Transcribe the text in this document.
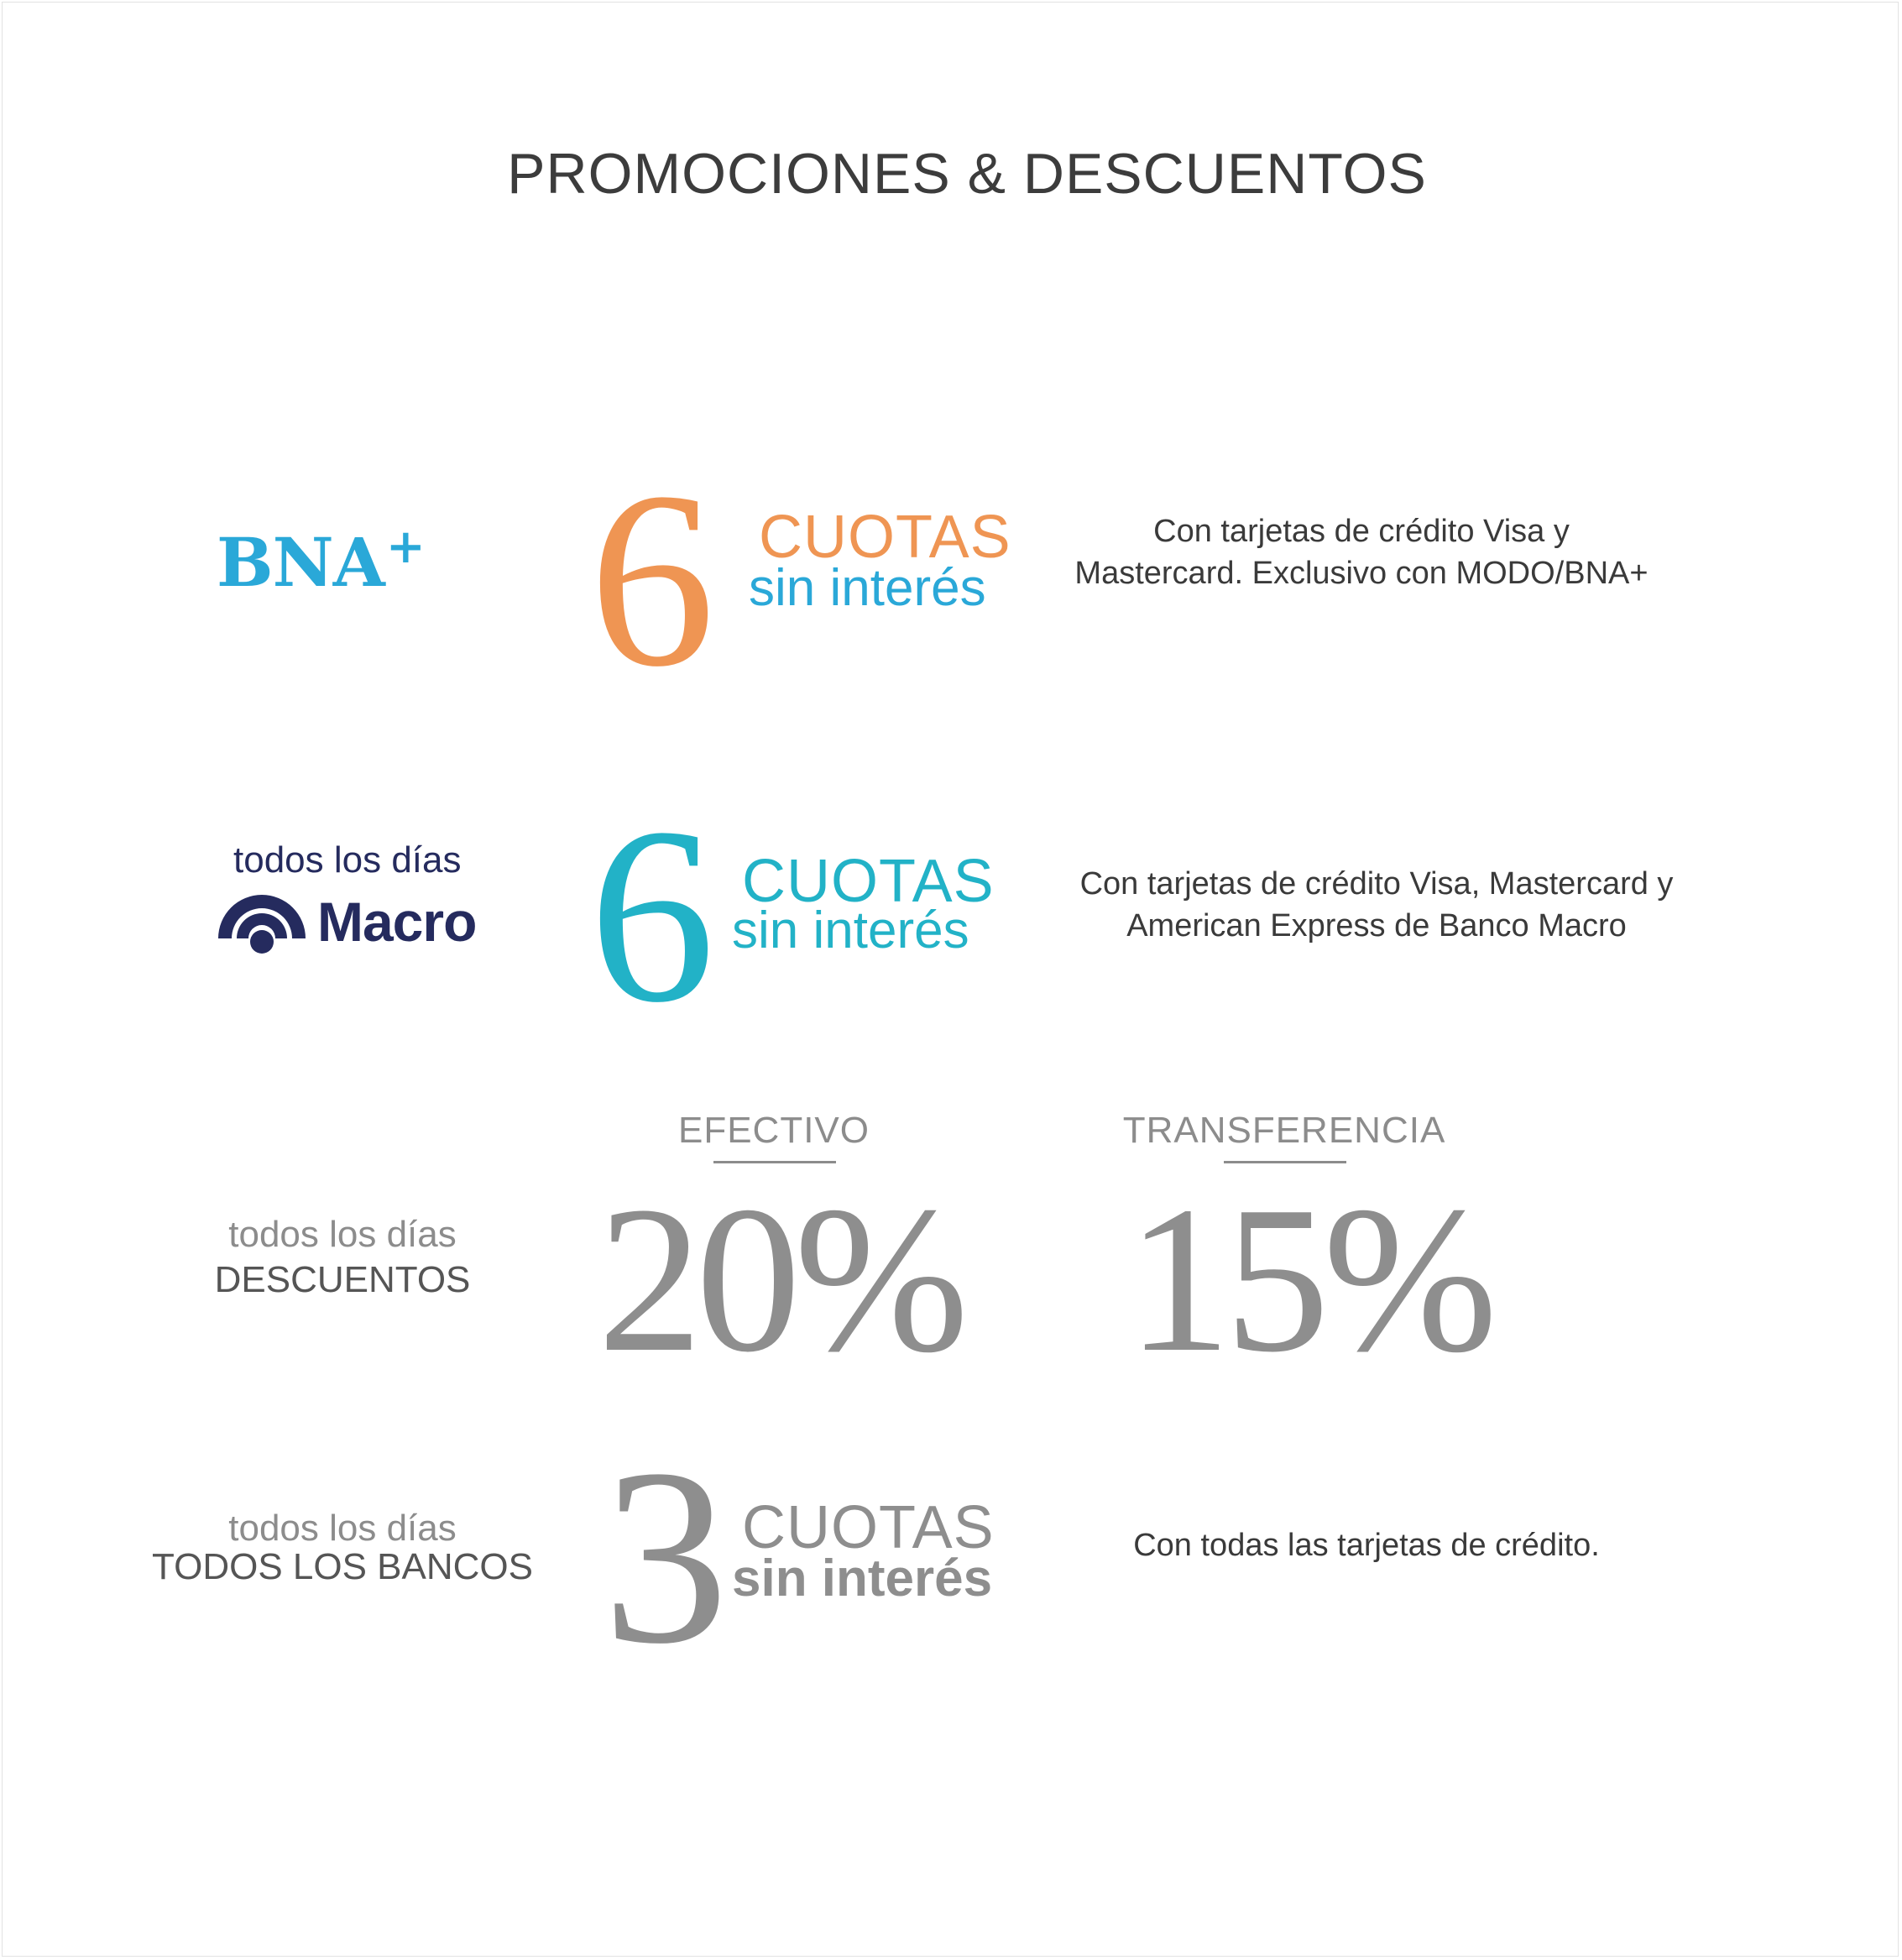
PROMOCIONES & DESCUENTOS
BNA+ 6 CUOTAS
sin interés
Con tarjetas de crédito Visa y
Mastercard. Exclusivo con MODO/BNA+
todos los días
Macro 6 CUOTAS
sin interés
Con tarjetas de crédito Visa, Mastercard y
American Express de Banco Macro
todos los días
DESCUENTOS
EFECTIVO
20%
TRANSFERENCIA
15%
todos los días
TODOS LOS BANCOS 3 CUOTAS
sin interés
Con todas las tarjetas de crédito.
